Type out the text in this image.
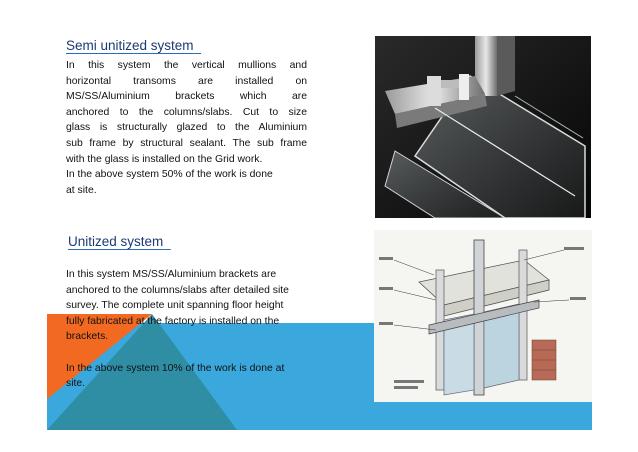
Semi unitized system
In this system the vertical mullions and
horizontal transoms are installed on
MS/SS/Aluminium brackets which are
anchored to the columns/slabs. Cut to size
glass is structurally glazed to the Aluminium
sub frame by structural sealant. The sub frame
with the glass is installed on the Grid work.
In the above system 50% of the work is done
at site.
Unitized system
In this system MS/SS/Aluminium brackets are
anchored to the columns/slabs after detailed site
survey. The complete unit spanning floor height
fully fabricated at the factory is installed on the
brackets.

In the above system 10% of the work is done at
site.
